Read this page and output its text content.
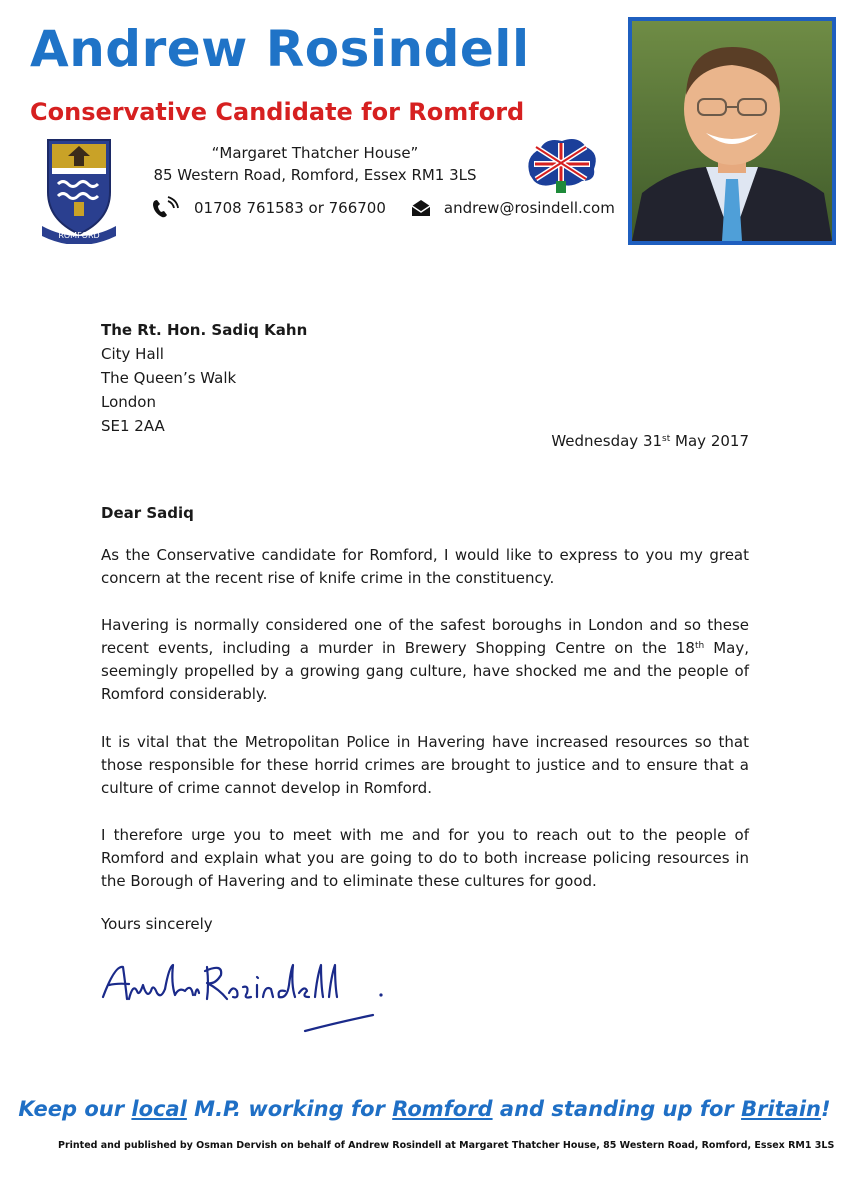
Andrew Rosindell
Conservative Candidate for Romford
ROMFORD
“Margaret Thatcher House”
85 Western Road, Romford, Essex RM1 3LS
01708 761583 or 766700	andrew@rosindell.com
The Rt. Hon. Sadiq Kahn
City Hall
The Queen’s Walk
London
SE1 2AA
Wednesday 31st May 2017
Dear Sadiq
As the Conservative candidate for Romford, I would like to express to you my great concern at the recent rise of knife crime in the constituency.
Havering is normally considered one of the safest boroughs in London and so these recent events, including a murder in Brewery Shopping Centre on the 18th May, seemingly propelled by a growing gang culture, have shocked me and the people of Romford considerably.
It is vital that the Metropolitan Police in Havering have increased resources so that those responsible for these horrid crimes are brought to justice and to ensure that a culture of crime cannot develop in Romford.
I therefore urge you to meet with me and for you to reach out to the people of Romford and explain what you are going to do to both increase policing resources in the Borough of Havering and to eliminate these cultures for good.
Yours sincerely
Andrew Rosindell
Keep our local M.P. working for Romford and standing up for Britain!
Printed and published by Osman Dervish on behalf of Andrew Rosindell at Margaret Thatcher House, 85 Western Road, Romford, Essex RM1 3LS
